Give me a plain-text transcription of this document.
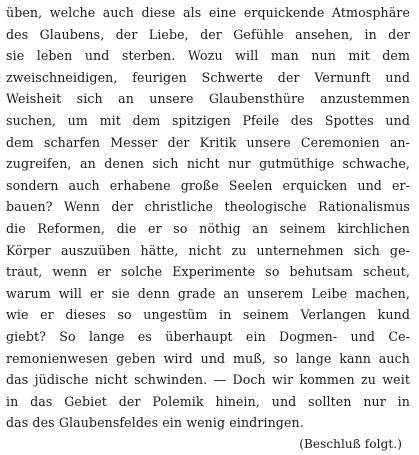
üben, welche auch diese als eine erquickende Atmosphäre
des Glaubens, der Liebe, der Gefühle ansehen, in der
sie leben und sterben. Wozu will man nun mit dem
zweischneidigen, feurigen Schwerte der Vernunft und
Weisheit sich an unsere Glaubensthüre anzustemmen
suchen, um mit dem spitzigen Pfeile des Spottes und
dem scharfen Messer der Kritik unsere Ceremonien an-
zugreifen, an denen sich nicht nur gutmüthige schwache,
sondern auch erhabene große Seelen erquicken und er-
bauen? Wenn der christliche theologische Rationalismus
die Reformen, die er so nöthig an seinem kirchlichen
Körper auszuüben hätte, nicht zu unternehmen sich ge-
traut, wenn er solche Experimente so behutsam scheut,
warum will er sie denn grade an unserem Leibe machen,
wie er dieses so ungestüm in seinem Verlangen kund
giebt? So lange es überhaupt ein Dogmen- und Ce-
remonienwesen geben wird und muß, so lange kann auch
das jüdische nicht schwinden. — Doch wir kommen zu weit
in das Gebiet der Polemik hinein, und sollten nur in
das des Glaubensfeldes ein wenig eindringen.
(Beschluß folgt.)
